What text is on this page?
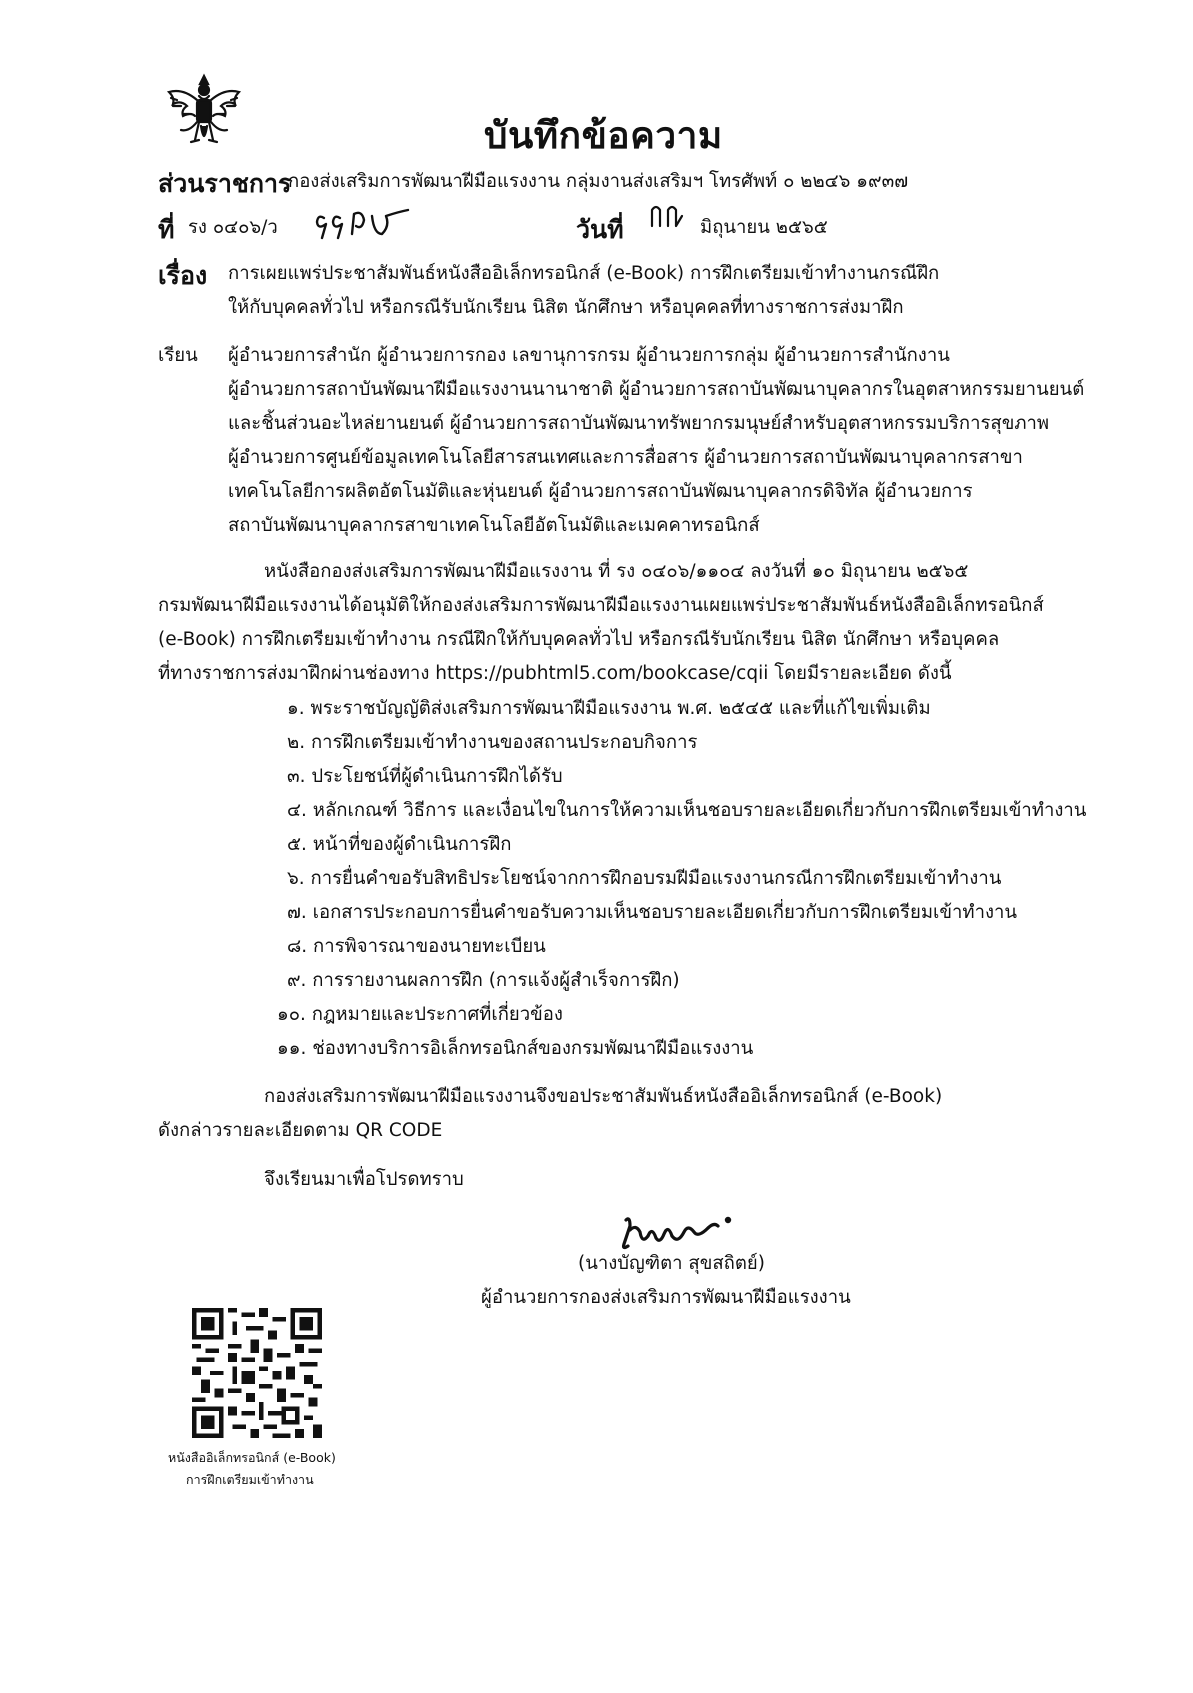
บันทึกข้อความ
ส่วนราชการ
กองส่งเสริมการพัฒนาฝีมือแรงงาน กลุ่มงานส่งเสริมฯ โทรศัพท์ ๐ ๒๒๔๖ ๑๙๓๗
ที่ รง ๐๔๐๖/ว	วันที่	มิถุนายน ๒๕๖๕
เรื่อง การเผยแพร่ประชาสัมพันธ์หนังสืออิเล็กทรอนิกส์ (e-Book) การฝึกเตรียมเข้าทำงานกรณีฝึก
ให้กับบุคคลทั่วไป หรือกรณีรับนักเรียน นิสิต นักศึกษา หรือบุคคลที่ทางราชการส่งมาฝึก
เรียน ผู้อำนวยการสำนัก ผู้อำนวยการกอง เลขานุการกรม ผู้อำนวยการกลุ่ม ผู้อำนวยการสำนักงาน
ผู้อำนวยการสถาบันพัฒนาฝีมือแรงงานนานาชาติ ผู้อำนวยการสถาบันพัฒนาบุคลากรในอุตสาหกรรมยานยนต์
และชิ้นส่วนอะไหล่ยานยนต์ ผู้อำนวยการสถาบันพัฒนาทรัพยากรมนุษย์สำหรับอุตสาหกรรมบริการสุขภาพ
ผู้อำนวยการศูนย์ข้อมูลเทคโนโลยีสารสนเทศและการสื่อสาร ผู้อำนวยการสถาบันพัฒนาบุคลากรสาขา
เทคโนโลยีการผลิตอัตโนมัติและหุ่นยนต์ ผู้อำนวยการสถาบันพัฒนาบุคลากรดิจิทัล ผู้อำนวยการ
สถาบันพัฒนาบุคลากรสาขาเทคโนโลยีอัตโนมัติและเมคคาทรอนิกส์
หนังสือกองส่งเสริมการพัฒนาฝีมือแรงงาน ที่ รง ๐๔๐๖/๑๑๐๔ ลงวันที่ ๑๐ มิถุนายน ๒๕๖๕
กรมพัฒนาฝีมือแรงงานได้อนุมัติให้กองส่งเสริมการพัฒนาฝีมือแรงงานเผยแพร่ประชาสัมพันธ์หนังสืออิเล็กทรอนิกส์
(e-Book) การฝึกเตรียมเข้าทำงาน กรณีฝึกให้กับบุคคลทั่วไป หรือกรณีรับนักเรียน นิสิต นักศึกษา หรือบุคคล
ที่ทางราชการส่งมาฝึกผ่านช่องทาง https://pubhtml5.com/bookcase/cqii โดยมีรายละเอียด ดังนี้
๑. พระราชบัญญัติส่งเสริมการพัฒนาฝีมือแรงงาน พ.ศ. ๒๕๔๕ และที่แก้ไขเพิ่มเติม
๒. การฝึกเตรียมเข้าทำงานของสถานประกอบกิจการ
๓. ประโยชน์ที่ผู้ดำเนินการฝึกได้รับ
๔. หลักเกณฑ์ วิธีการ และเงื่อนไขในการให้ความเห็นชอบรายละเอียดเกี่ยวกับการฝึกเตรียมเข้าทำงาน
๕. หน้าที่ของผู้ดำเนินการฝึก
๖. การยื่นคำขอรับสิทธิประโยชน์จากการฝึกอบรมฝีมือแรงงานกรณีการฝึกเตรียมเข้าทำงาน
๗. เอกสารประกอบการยื่นคำขอรับความเห็นชอบรายละเอียดเกี่ยวกับการฝึกเตรียมเข้าทำงาน
๘. การพิจารณาของนายทะเบียน
๙. การรายงานผลการฝึก (การแจ้งผู้สำเร็จการฝึก)
๑๐. กฎหมายและประกาศที่เกี่ยวข้อง
๑๑. ช่องทางบริการอิเล็กทรอนิกส์ของกรมพัฒนาฝีมือแรงงาน
กองส่งเสริมการพัฒนาฝีมือแรงงานจึงขอประชาสัมพันธ์หนังสืออิเล็กทรอนิกส์ (e-Book)
ดังกล่าวรายละเอียดตาม QR CODE
จึงเรียนมาเพื่อโปรดทราบ
(นางบัญฑิตา สุขสถิตย์)
ผู้อำนวยการกองส่งเสริมการพัฒนาฝีมือแรงงาน
หนังสืออิเล็กทรอนิกส์ (e-Book)
การฝึกเตรียมเข้าทำงาน
